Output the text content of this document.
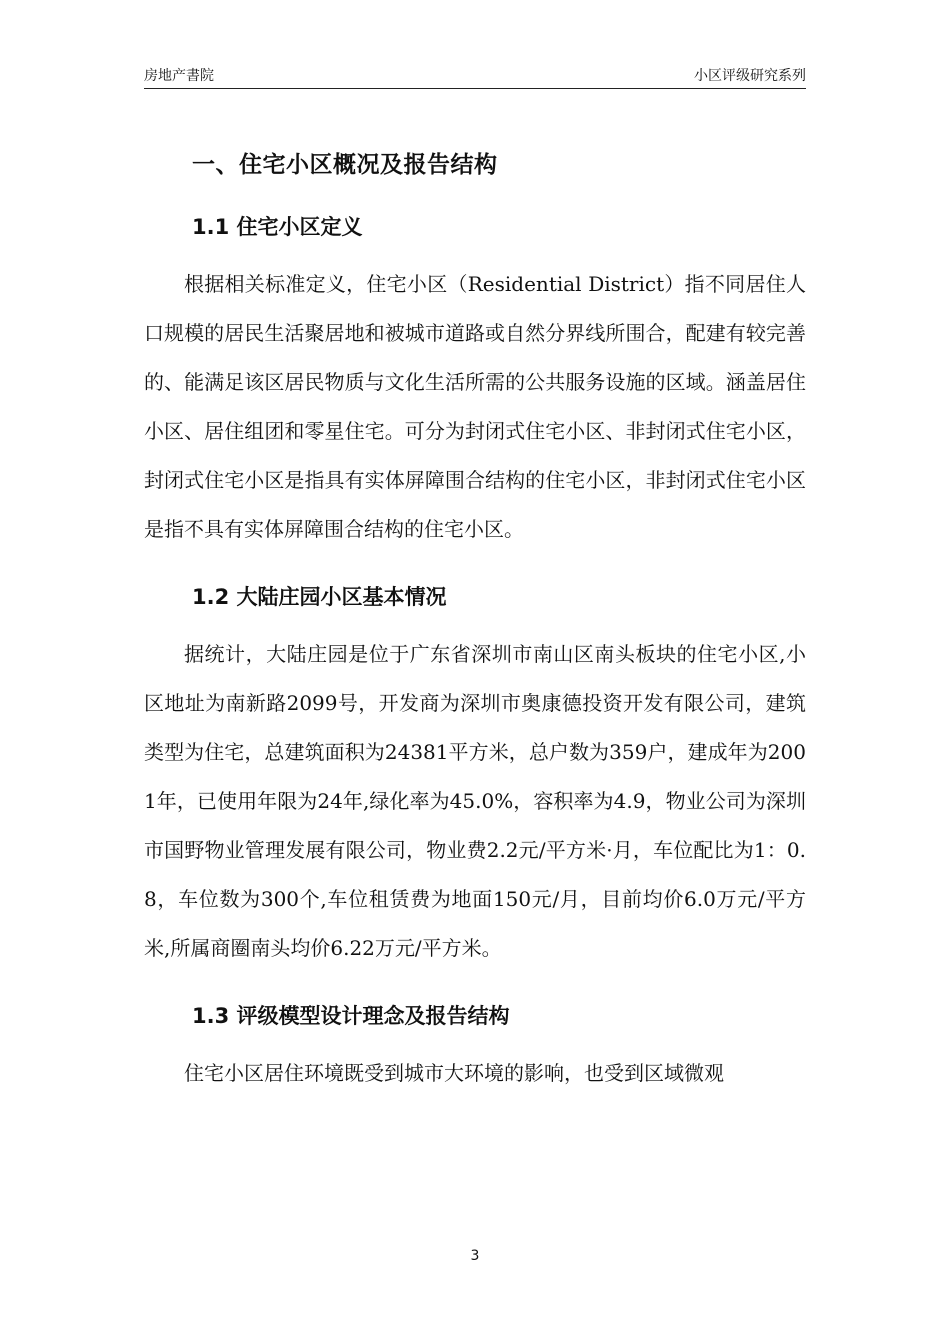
房地产書院	小区评级研究系列
一、住宅小区概况及报告结构
1.1 住宅小区定义

根据相关标准定义，住宅小区（Residential District）指不同居住人口规模的居民生活聚居地和被城市道路或自然分界线所围合，配建有较完善的、能满足该区居民物质与文化生活所需的公共服务设施的区域。涵盖居住小区、居住组团和零星住宅。可分为封闭式住宅小区、非封闭式住宅小区，封闭式住宅小区是指具有实体屏障围合结构的住宅小区，非封闭式住宅小区是指不具有实体屏障围合结构的住宅小区。

1.2 大陆庄园小区基本情况

据统计，大陆庄园是位于广东省深圳市南山区南头板块的住宅小区,小区地址为南新路2099号，开发商为深圳市奥康德投资开发有限公司，建筑类型为住宅，总建筑面积为24381平方米，总户数为359户，建成年为2001年，已使用年限为24年,绿化率为45.0%，容积率为4.9，物业公司为深圳市国野物业管理发展有限公司，物业费2.2元/平方米·月，车位配比为1：0.8，车位数为300个,车位租赁费为地面150元/月，目前均价6.0万元/平方米,所属商圈南头均价6.22万元/平方米。

1.3 评级模型设计理念及报告结构

住宅小区居住环境既受到城市大环境的影响，也受到区域微观

3
